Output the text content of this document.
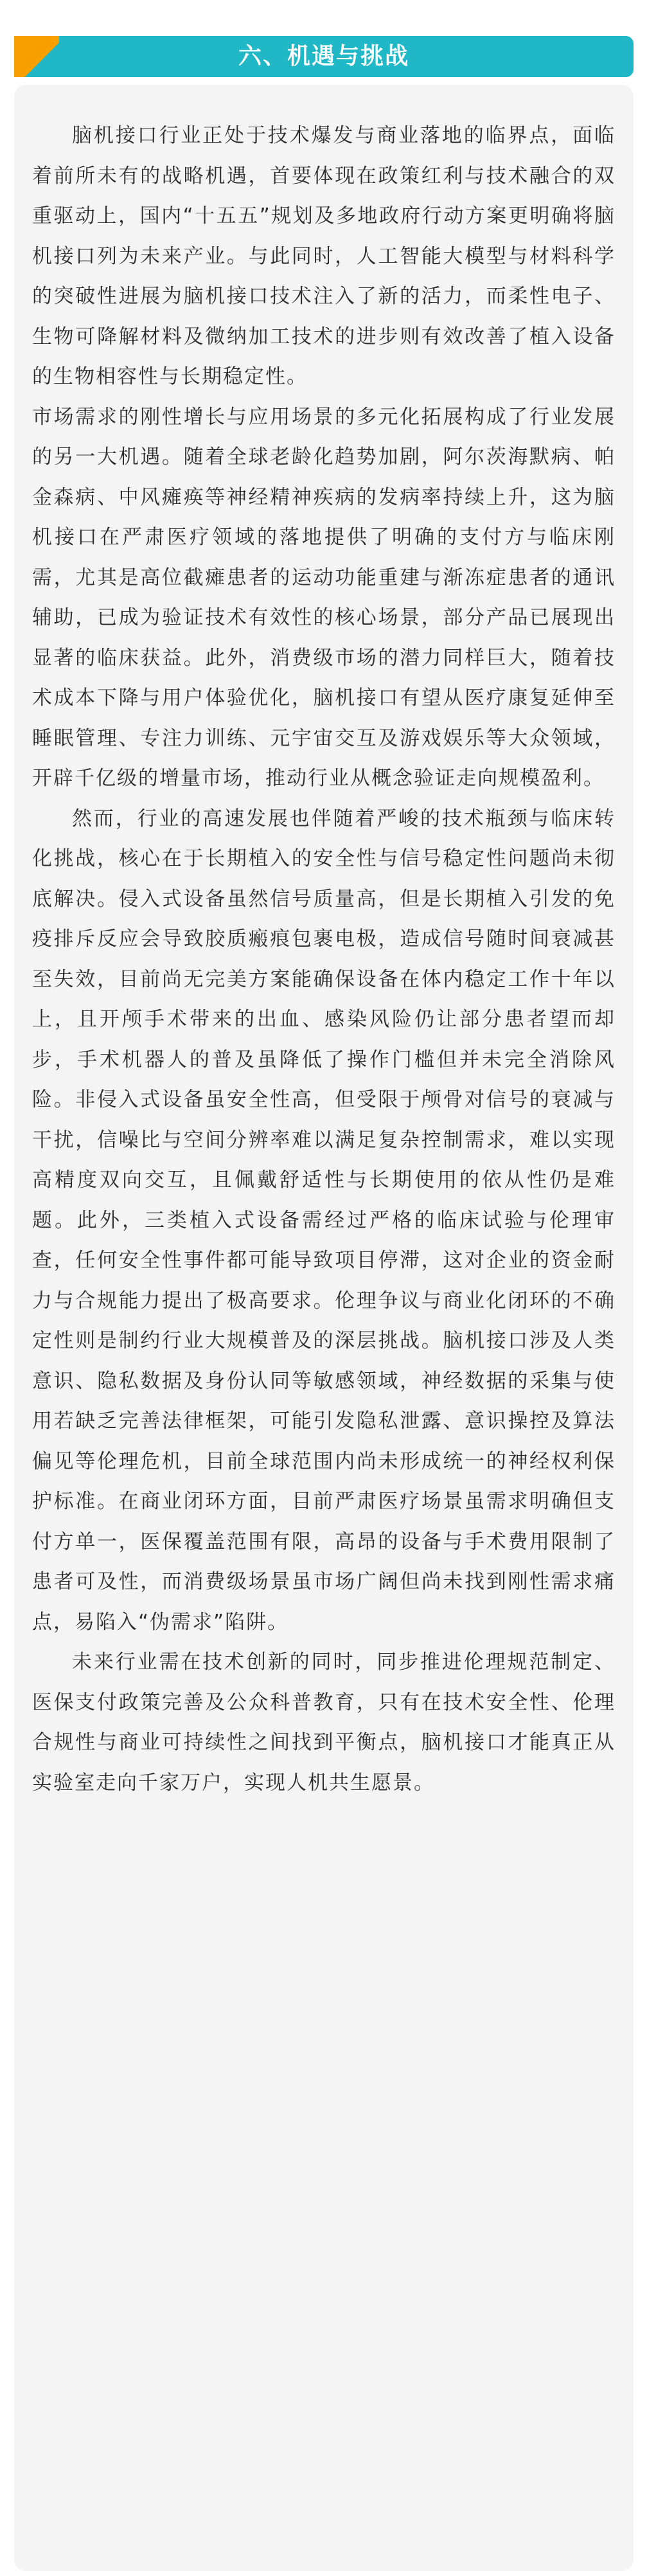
六、机遇与挑战

脑机接口行业正处于技术爆发与商业落地的临界点，面临着前所未有的战略机遇，首要体现在政策红利与技术融合的双重驱动上，国内“十五五”规划及多地政府行动方案更明确将脑机接口列为未来产业。与此同时，人工智能大模型与材料科学的突破性进展为脑机接口技术注入了新的活力，而柔性电子、生物可降解材料及微纳加工技术的进步则有效改善了植入设备的生物相容性与长期稳定性。

市场需求的刚性增长与应用场景的多元化拓展构成了行业发展的另一大机遇。随着全球老龄化趋势加剧，阿尔茨海默病、帕金森病、中风瘫痪等神经精神疾病的发病率持续上升，这为脑机接口在严肃医疗领域的落地提供了明确的支付方与临床刚需，尤其是高位截瘫患者的运动功能重建与渐冻症患者的通讯辅助，已成为验证技术有效性的核心场景，部分产品已展现出显著的临床获益。此外，消费级市场的潜力同样巨大，随着技术成本下降与用户体验优化，脑机接口有望从医疗康复延伸至睡眠管理、专注力训练、元宇宙交互及游戏娱乐等大众领域，开辟千亿级的增量市场，推动行业从概念验证走向规模盈利。

然而，行业的高速发展也伴随着严峻的技术瓶颈与临床转化挑战，核心在于长期植入的安全性与信号稳定性问题尚未彻底解决。侵入式设备虽然信号质量高，但是长期植入引发的免疫排斥反应会导致胶质瘢痕包裹电极，造成信号随时间衰减甚至失效，目前尚无完美方案能确保设备在体内稳定工作十年以上，且开颅手术带来的出血、感染风险仍让部分患者望而却步，手术机器人的普及虽降低了操作门槛但并未完全消除风险。非侵入式设备虽安全性高，但受限于颅骨对信号的衰减与干扰，信噪比与空间分辨率难以满足复杂控制需求，难以实现高精度双向交互，且佩戴舒适性与长期使用的依从性仍是难题。此外，三类植入式设备需经过严格的临床试验与伦理审查，任何安全性事件都可能导致项目停滞，这对企业的资金耐力与合规能力提出了极高要求。伦理争议与商业化闭环的不确定性则是制约行业大规模普及的深层挑战。脑机接口涉及人类意识、隐私数据及身份认同等敏感领域，神经数据的采集与使用若缺乏完善法律框架，可能引发隐私泄露、意识操控及算法偏见等伦理危机，目前全球范围内尚未形成统一的神经权利保护标准。在商业闭环方面，目前严肃医疗场景虽需求明确但支付方单一，医保覆盖范围有限，高昂的设备与手术费用限制了患者可及性，而消费级场景虽市场广阔但尚未找到刚性需求痛点，易陷入“伪需求”陷阱。

未来行业需在技术创新的同时，同步推进伦理规范制定、医保支付政策完善及公众科普教育，只有在技术安全性、伦理合规性与商业可持续性之间找到平衡点，脑机接口才能真正从实验室走向千家万户，实现人机共生愿景。
